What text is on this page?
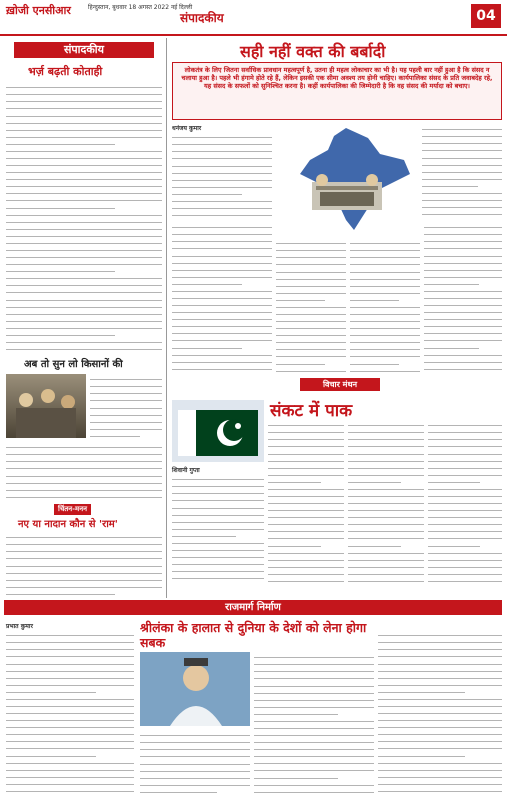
ख़ोजी एनसीआर	हिन्दुस्तान, बुधवार 18 अगस्त 2022 नई दिल्ली
संपादकीय	04
संपादकीय
भर्ज़ बढ़ती कोताही
अब तो सुन लो किसानों की
चिंतन-मनन
नए या नादान कौन से 'राम'
सही नहीं वक्त की बर्बादी
लोकतंत्र के लिए जितना सर्वाधिक प्रावधान महत्वपूर्ण है, उतना ही महत्व लोकाचार का भी है। यह पहली बार नहीं हुआ है कि संसद न चलाया हुआ है। पहले भी हंगामे होते रहे हैं, लेकिन इसकी एक सीमा अवश्य तय होनी चाहिए। कार्यपालिका संसद के प्रति जवाबदेह रहे, यह संसद के सफलों को सुनिश्चित करना है। कहीं कार्यपालिका की जिम्मेदारी है कि वह संसद की मर्यादा को बचाए।
धनंजय कुमार
विचार मंथन
संकट में पाक
शिवानी गुप्ता
राजमार्ग निर्माण
श्रीलंका के हालात से दुनिया के देशों को लेना होगा सबक
प्रभात कुमार
